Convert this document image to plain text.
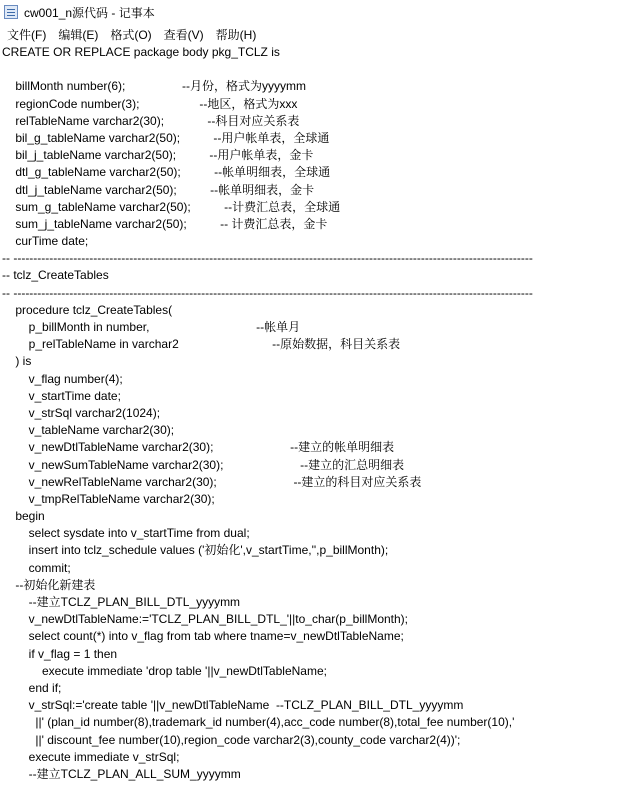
cw001_n源代码 - 记事本
文件(F)	编辑(E)	格式(O)	查看(V)	帮助(H)
CREATE OR REPLACE package body pkg_TCLZ is
billMonth number(6);                 --月份，格式为yyyymm
regionCode number(3);                  --地区，格式为xxx
relTableName varchar2(30);             --科目对应关系表
bil_g_tableName varchar2(50);          --用户帐单表，全球通
bil_j_tableName varchar2(50);          --用户帐单表，金卡
dtl_g_tableName varchar2(50);          --帐单明细表，全球通
dtl_j_tableName varchar2(50);          --帐单明细表，金卡
sum_g_tableName varchar2(50);          --计费汇总表，全球通
sum_j_tableName varchar2(50);          -- 计费汇总表，金卡
curTime date;
-- ----------------------------------------------------------------------------------------------------------------------------------
-- tclz_CreateTables
-- ----------------------------------------------------------------------------------------------------------------------------------
procedure tclz_CreateTables(
p_billMonth in number,                                --帐单月
p_relTableName in varchar2                            --原始数据，科目关系表
) is
v_flag number(4);
v_startTime date;
v_strSql varchar2(1024);
v_tableName varchar2(30);
v_newDtlTableName varchar2(30);                       --建立的帐单明细表
v_newSumTableName varchar2(30);                       --建立的汇总明细表
v_newRelTableName varchar2(30);                       --建立的科目对应关系表
v_tmpRelTableName varchar2(30);
begin
select sysdate into v_startTime from dual;
insert into tclz_schedule values ('初始化',v_startTime,'',p_billMonth);
commit;
--初始化新建表
--建立TCLZ_PLAN_BILL_DTL_yyyymm
v_newDtlTableName:='TCLZ_PLAN_BILL_DTL_'||to_char(p_billMonth);
select count(*) into v_flag from tab where tname=v_newDtlTableName;
if v_flag = 1 then
execute immediate 'drop table '||v_newDtlTableName;
end if;
v_strSql:='create table '||v_newDtlTableName  --TCLZ_PLAN_BILL_DTL_yyyymm
||' (plan_id number(8),trademark_id number(4),acc_code number(8),total_fee number(10),'
||' discount_fee number(10),region_code varchar2(3),county_code varchar2(4))';
execute immediate v_strSql;
--建立TCLZ_PLAN_ALL_SUM_yyyymm
